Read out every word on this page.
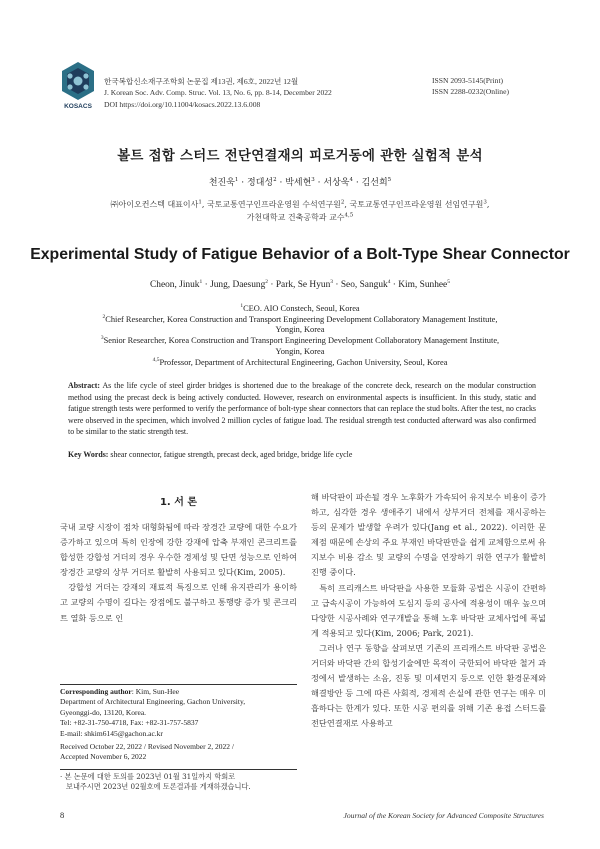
KOSACS
한국복합신소재구조학회 논문집 제13권, 제6호, 2022년 12월
J. Korean Soc. Adv. Comp. Struc. Vol. 13, No. 6, pp. 8-14, December 2022
DOI https://doi.org/10.11004/kosacs.2022.13.6.008
ISSN 2093-5145(Print)
ISSN 2288-0232(Online)
볼트 접합 스터드 전단연결재의 피로거동에 관한 실험적 분석
천진욱$^1$ · 정대성$^2$ · 박세현$^3$ · 서상욱$^4$ · 김선희$^5$
㈜아이오컨스텍 대표이사$^1$, 국토교통연구인프라운영원 수석연구원$^2$, 국토교통연구인프라운영원 선임연구원$^3$,
가천대학교 건축공학과 교수$^{4,5}$
Experimental Study of Fatigue Behavior of a Bolt-Type Shear Connector
Cheon, Jinuk$^1$ · Jung, Daesung$^2$ · Park, Se Hyun$^3$ · Seo, Sanguk$^4$ · Kim, Sunhee$^5$
$^1$CEO. AIO Constech, Seoul, Korea
$^2$Chief Researcher, Korea Construction and Transport Engineering Development Collaboratory Management Institute,
Yongin, Korea
$^3$Senior Researcher, Korea Construction and Transport Engineering Development Collaboratory Management Institute,
Yongin, Korea
$^{4,5}$Professor, Department of Architectural Engineering, Gachon University, Seoul, Korea
Abstract: As the life cycle of steel girder bridges is shortened due to the breakage of the concrete deck, research on the modular construction method using the precast deck is being actively conducted. However, research on environmental aspects is insufficient. In this study, static and fatigue strength tests were performed to verify the performance of bolt-type shear connectors that can replace the stud bolts. After the test, no cracks were observed in the specimen, which involved 2 million cycles of fatigue load. The residual strength test conducted afterward was also confirmed to be similar to the static strength test.
Key Words: shear connector, fatigue strength, precast deck, aged bridge, bridge life cycle
1. 서 론

국내 교량 시장이 점차 대형화됨에 따라 장경간 교량에 대한 수요가 증가하고 있으며 특히 인장에 강한 강재에 압축 부재인 콘크리트를 합성한 강합성 거더의 경우 우수한 경제성 및 단면 성능으로 인하여 장경간 교량의 상부 거더로 활발히 사용되고 있다(Kim, 2005).

강합성 거더는 강재의 재료적 특징으로 인해 유지관리가 용이하고 교량의 수명이 길다는 장점에도 불구하고 통행량 증가 및 콘크리트 열화 등으로 인

Corresponding author: Kim, Sun-Hee
Department of Architectural Engineering, Gachon University,
Gyeonggi-do, 13120, Korea.
Tel: +82-31-750-4718, Fax: +82-31-757-5837
E-mail: shkim6145@gachon.ac.kr
Received October 22, 2022 / Revised November 2, 2022 /
Accepted November 6, 2022
· 본 논문에 대한 토의를 2023년 01월 31일까지 학회로
보내주시면 2023년 02월호에 토론결과를 게재하겠습니다.

해 바닥판이 파손될 경우 노후화가 가속되어 유지보수 비용이 증가하고, 심각한 경우 생애주기 내에서 상부거더 전체를 재시공하는 등의 문제가 발생할 우려가 있다(Jang et al., 2022). 이러한 문제점 때문에 손상의 주요 부재인 바닥판만을 쉽게 교체함으로써 유지보수 비용 감소 및 교량의 수명을 연장하기 위한 연구가 활발히 진행 중이다.

특히 프리캐스트 바닥판을 사용한 모듈화 공법은 시공이 간편하고 급속시공이 가능하여 도심지 등의 공사에 적용성이 매우 높으며 다양한 시공사례와 연구개발을 통해 노후 바닥판 교체사업에 폭넓게 적용되고 있다(Kim, 2006; Park, 2021).

그러나 연구 동향을 살펴보면 기존의 프리캐스트 바닥판 공법은 거더와 바닥판 간의 합성기술에만 목적이 국한되어 바닥판 철거 과정에서 발생하는 소음, 진동 및 미세먼지 등으로 인한 환경문제와 해결방안 등 그에 따른 사회적, 경제적 손실에 관한 연구는 매우 미흡하다는 한계가 있다. 또한 시공 편의를 위해 기존 용접 스터드를 전단연결재로 사용하고

8	Journal of the Korean Society for Advanced Composite Structures
